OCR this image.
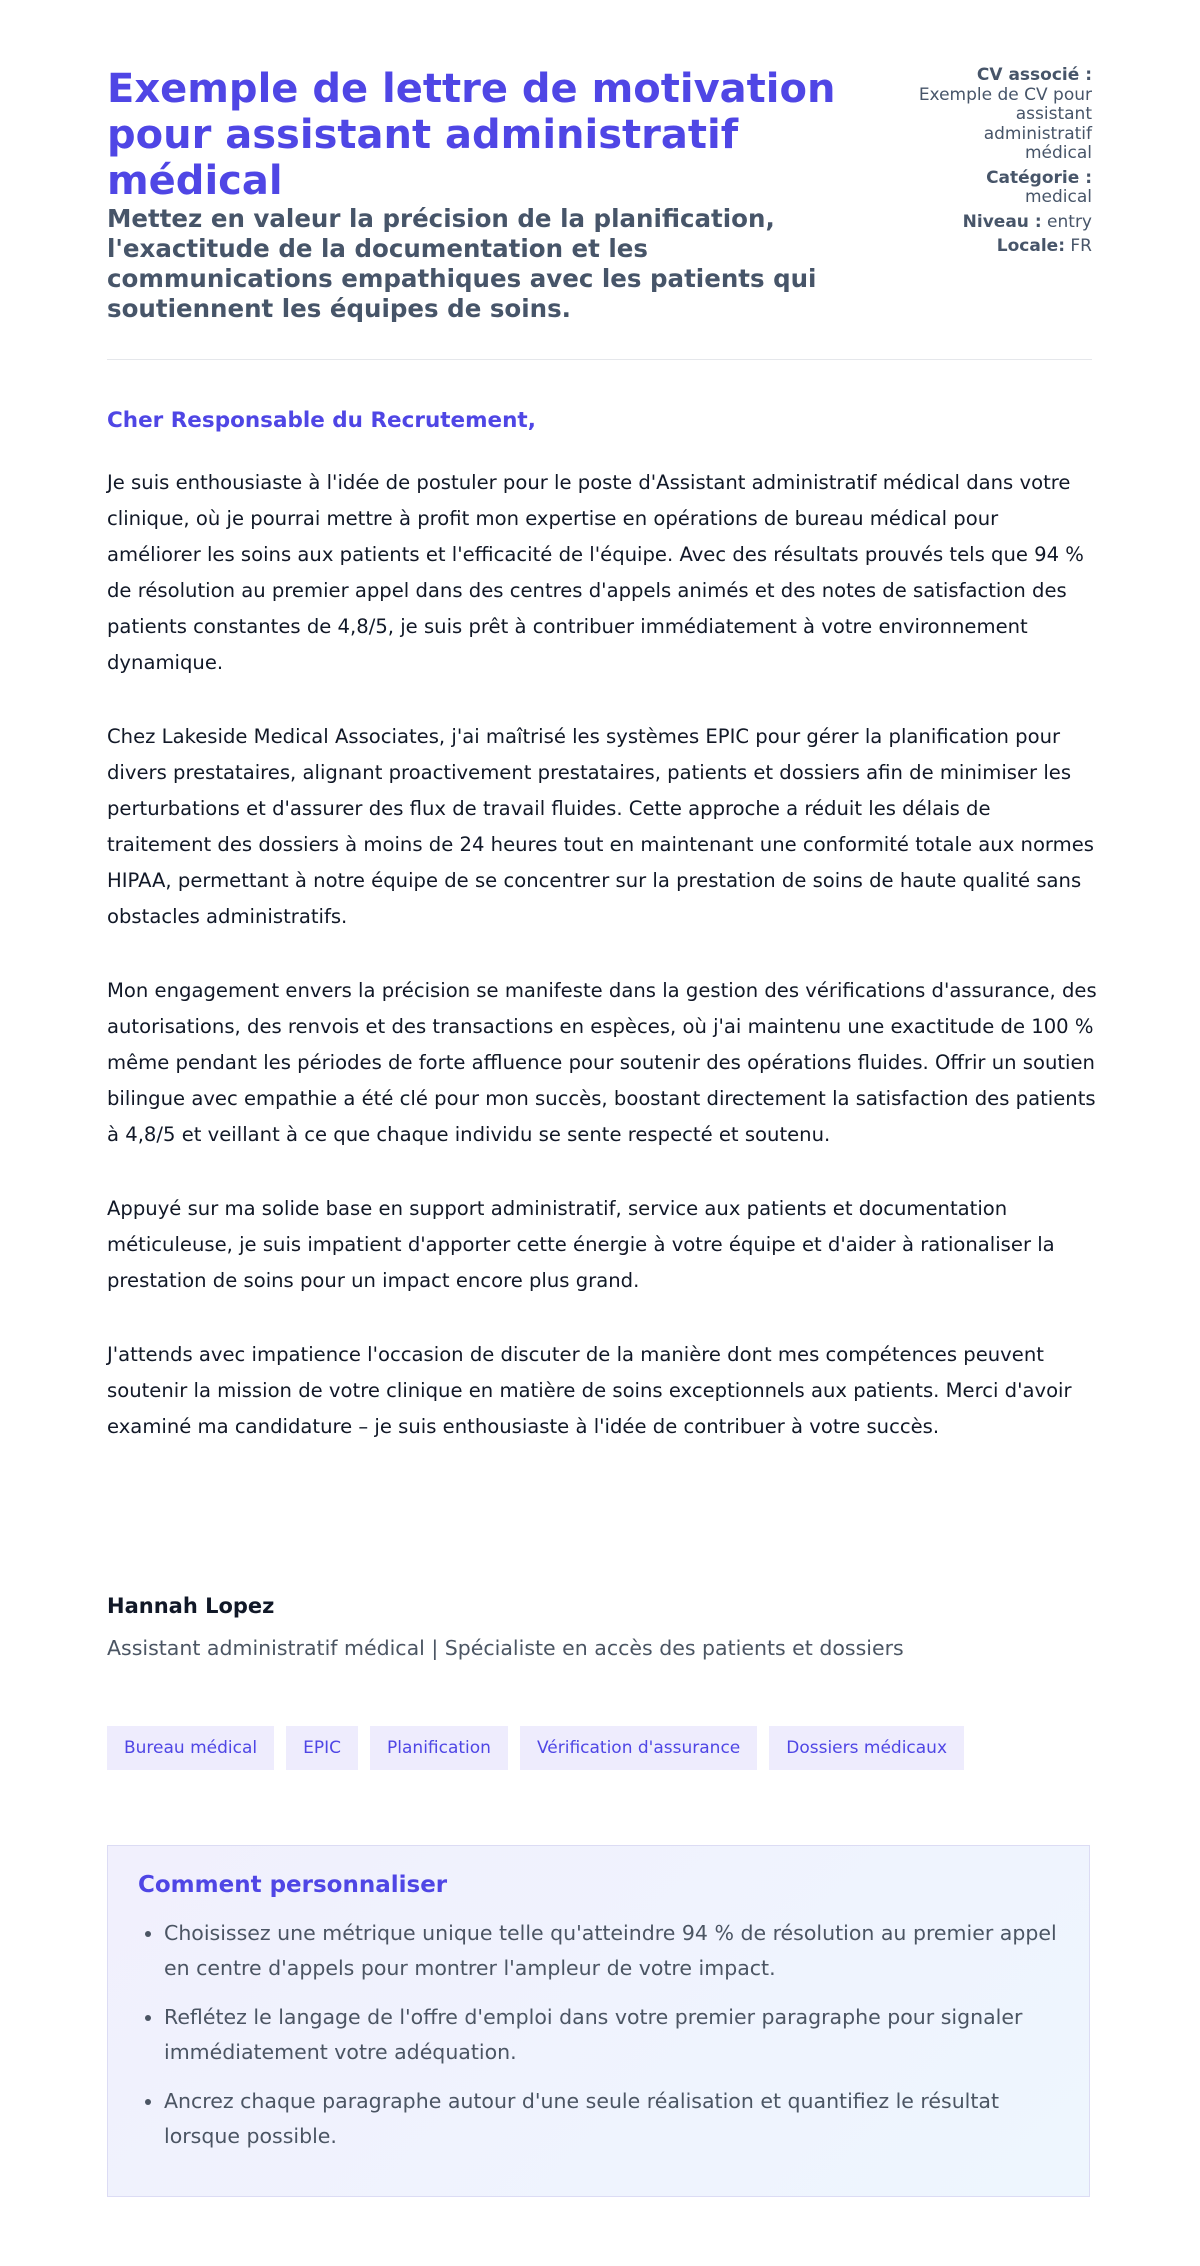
Exemple de lettre de motivation pour assistant administratif médical

Mettez en valeur la précision de la planification, l'exactitude de la documentation et les communications empathiques avec les patients qui soutiennent les équipes de soins.

CV associé :
Exemple de CV pour assistant administratif médical
Catégorie :
medical
Niveau : entry
Locale: FR

Cher Responsable du Recrutement,

Je suis enthousiaste à l'idée de postuler pour le poste d'Assistant administratif médical dans votre clinique, où je pourrai mettre à profit mon expertise en opérations de bureau médical pour améliorer les soins aux patients et l'efficacité de l'équipe. Avec des résultats prouvés tels que 94 % de résolution au premier appel dans des centres d'appels animés et des notes de satisfaction des patients constantes de 4,8/5, je suis prêt à contribuer immédiatement à votre environnement dynamique.

Chez Lakeside Medical Associates, j'ai maîtrisé les systèmes EPIC pour gérer la planification pour divers prestataires, alignant proactivement prestataires, patients et dossiers afin de minimiser les perturbations et d'assurer des flux de travail fluides. Cette approche a réduit les délais de traitement des dossiers à moins de 24 heures tout en maintenant une conformité totale aux normes HIPAA, permettant à notre équipe de se concentrer sur la prestation de soins de haute qualité sans obstacles administratifs.

Mon engagement envers la précision se manifeste dans la gestion des vérifications d'assurance, des autorisations, des renvois et des transactions en espèces, où j'ai maintenu une exactitude de 100 % même pendant les périodes de forte affluence pour soutenir des opérations fluides. Offrir un soutien bilingue avec empathie a été clé pour mon succès, boostant directement la satisfaction des patients à 4,8/5 et veillant à ce que chaque individu se sente respecté et soutenu.

Appuyé sur ma solide base en support administratif, service aux patients et documentation méticuleuse, je suis impatient d'apporter cette énergie à votre équipe et d'aider à rationaliser la prestation de soins pour un impact encore plus grand.

J'attends avec impatience l'occasion de discuter de la manière dont mes compétences peuvent soutenir la mission de votre clinique en matière de soins exceptionnels aux patients. Merci d'avoir examiné ma candidature – je suis enthousiaste à l'idée de contribuer à votre succès.

Hannah Lopez

Assistant administratif médical | Spécialiste en accès des patients et dossiers

Bureau médical	EPIC	Planification	Vérification d'assurance	Dossiers médicaux
Comment personnaliser
• Choisissez une métrique unique telle qu'atteindre 94 % de résolution au premier appel en centre d'appels pour montrer l'ampleur de votre impact.
• Reflétez le langage de l'offre d'emploi dans votre premier paragraphe pour signaler immédiatement votre adéquation.
• Ancrez chaque paragraphe autour d'une seule réalisation et quantifiez le résultat lorsque possible.
